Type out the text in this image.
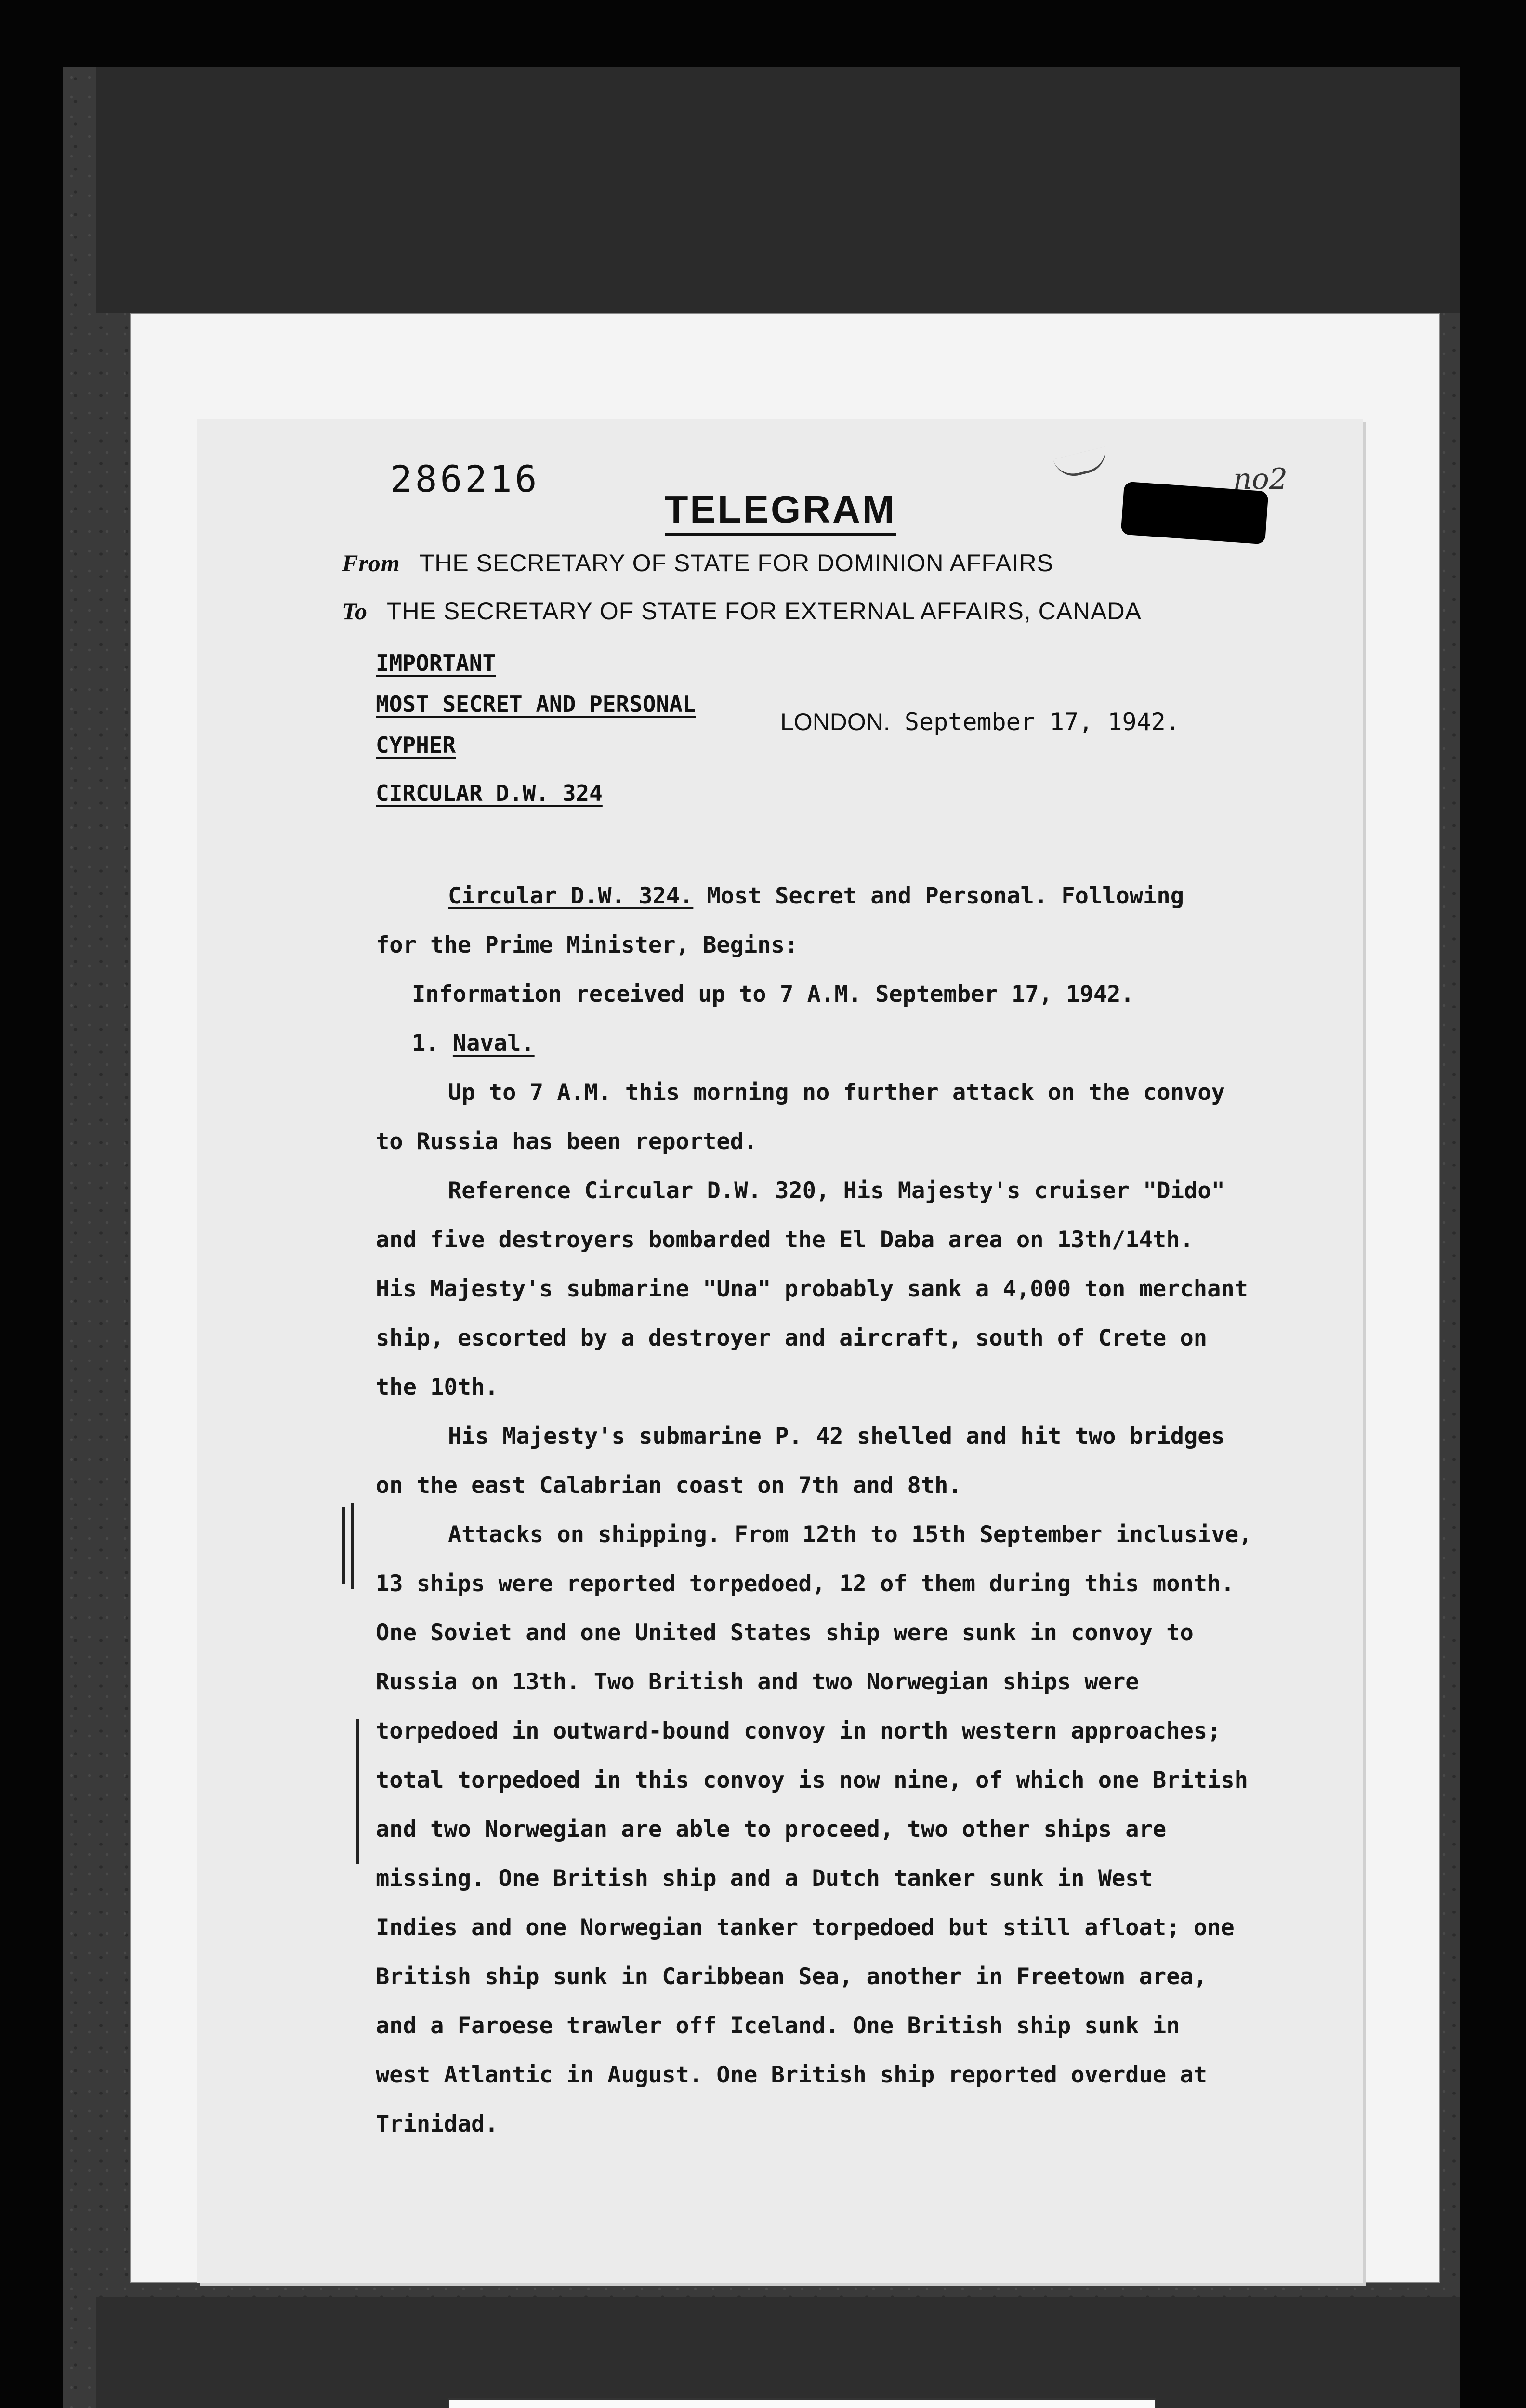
286216
TELEGRAM
no2
From THE SECRETARY OF STATE FOR DOMINION AFFAIRS
To THE SECRETARY OF STATE FOR EXTERNAL AFFAIRS, CANADA
IMPORTANT
MOST SECRET AND PERSONAL
CYPHER
CIRCULAR D.W. 324
LONDON. September 17, 1942.
Circular D.W. 324. Most Secret and Personal. Following
for the Prime Minister, Begins:
Information received up to 7 A.M. September 17, 1942.
1. Naval.
Up to 7 A.M. this morning no further attack on the convoy
to Russia has been reported.
Reference Circular D.W. 320, His Majesty's cruiser "Dido"
and five destroyers bombarded the El Daba area on 13th/14th.
His Majesty's submarine "Una" probably sank a 4,000 ton merchant
ship, escorted by a destroyer and aircraft, south of Crete on
the 10th.
His Majesty's submarine P. 42 shelled and hit two bridges
on the east Calabrian coast on 7th and 8th.
Attacks on shipping. From 12th to 15th September inclusive,
13 ships were reported torpedoed, 12 of them during this month.
One Soviet and one United States ship were sunk in convoy to
Russia on 13th. Two British and two Norwegian ships were
torpedoed in outward-bound convoy in north western approaches;
total torpedoed in this convoy is now nine, of which one British
and two Norwegian are able to proceed, two other ships are
missing. One British ship and a Dutch tanker sunk in West
Indies and one Norwegian tanker torpedoed but still afloat; one
British ship sunk in Caribbean Sea, another in Freetown area,
and a Faroese trawler off Iceland. One British ship sunk in
west Atlantic in August. One British ship reported overdue at
Trinidad.
